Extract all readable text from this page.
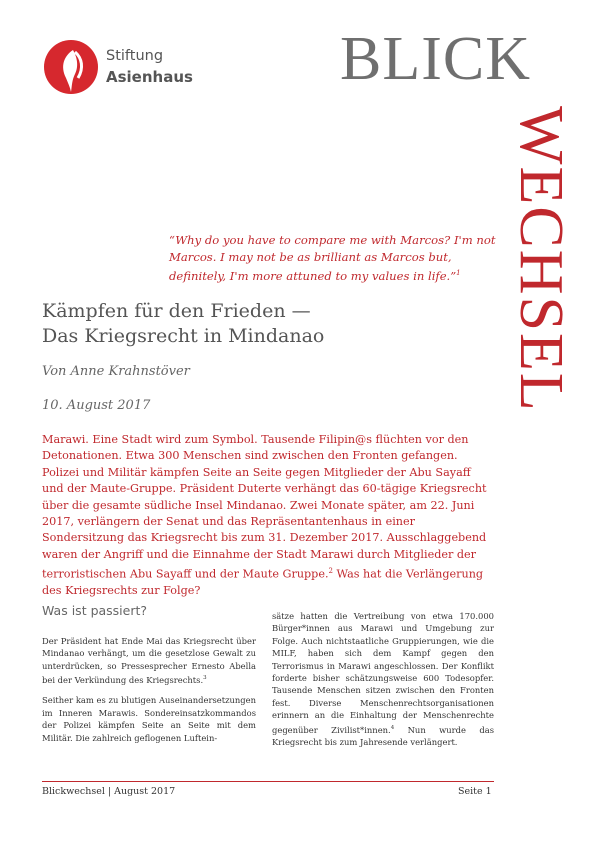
Stiftung
Asienhaus BLICK
WECHSEL
“Why do you have to compare me with Marcos? I'm not Marcos. I may not be as brilliant as Marcos but, definitely, I'm more attuned to my values in life.”$^1$
Kämpfen für den Frieden —
Das Kriegsrecht in Mindanao
Von Anne Krahnstöver
10. August 2017
Marawi. Eine Stadt wird zum Symbol. Tausende Filipin@s flüchten vor den Detonationen. Etwa 300 Menschen sind zwischen den Fronten gefangen. Polizei und Militär kämpfen Seite an Seite gegen Mitglieder der Abu Sayaff und der Maute-Gruppe. Präsident Duterte verhängt das 60-tägige Kriegsrecht über die gesamte südliche Insel Mindanao. Zwei Monate später, am 22. Juni 2017, verlängern der Senat und das Repräsentantenhaus in einer Sondersitzung das Kriegsrecht bis zum 31. Dezember 2017. Ausschlaggebend waren der Angriff und die Einnahme der Stadt Marawi durch Mitglieder der terroristischen Abu Sayaff und der Maute Gruppe.$^2$ Was hat die Verlängerung des Kriegsrechts zur Folge?
Was ist passiert?

Der Präsident hat Ende Mai das Kriegsrecht über Mindanao verhängt, um die gesetzlose Gewalt zu unterdrücken, so Pressesprecher Ernesto Abella bei der Verkündung des Kriegsrechts.$^3$

Seither kam es zu blutigen Auseinandersetzungen im Inneren Marawis. Sondereinsatzkommandos der Polizei kämpfen Seite an Seite mit dem Militär. Die zahlreich geflogenen Luftein-

sätze hatten die Vertreibung von etwa 170.000 Bürger*innen aus Marawi und Umgebung zur Folge. Auch nichtstaatliche Gruppierungen, wie die MILF, haben sich dem Kampf gegen den Terrorismus in Marawi angeschlossen. Der Konflikt forderte bisher schätzungsweise 600 Todesopfer. Tausende Menschen sitzen zwischen den Fronten fest. Diverse Menschenrechtsorganisationen erinnern an die Einhaltung der Menschenrechte gegenüber Zivilist*innen.$^4$ Nun wurde das Kriegsrecht bis zum Jahresende verlängert.

Blickwechsel | August 2017	Seite 1
